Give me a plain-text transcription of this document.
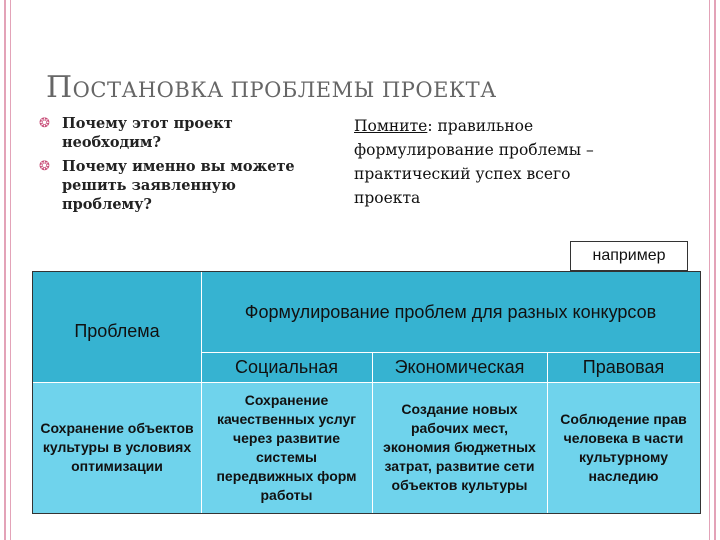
ПОСТАНОВКА ПРОБЛЕМЫ ПРОЕКТА
❂ Почему этот проект необходим?
❂ Почему именно вы можете решить заявленную проблему?
Помните: правильное формулирование проблемы – практический успех всего проекта
например
Проблема
Формулирование проблем для разных конкурсов
Социальная	Экономическая	Правовая
Сохранение объектов культуры в условиях оптимизации
Сохранение качественных услуг через развитие системы передвижных форм работы
Создание новых рабочих мест, экономия бюджетных затрат, развитие сети объектов культуры
Соблюдение прав человека в части культурному наследию
